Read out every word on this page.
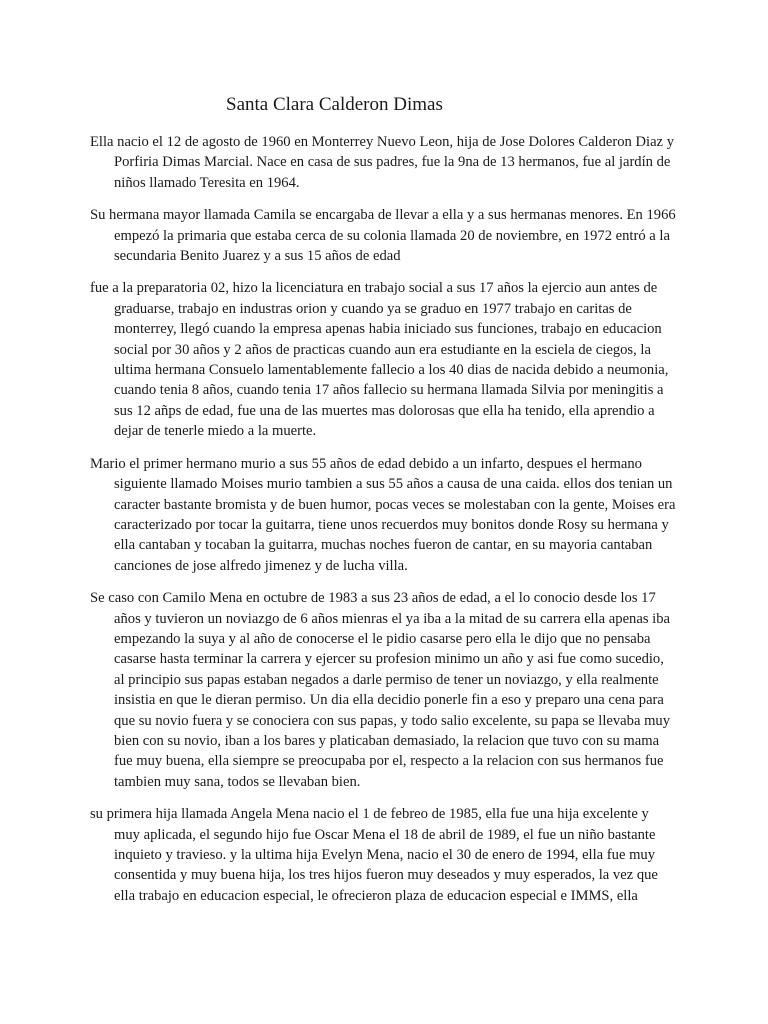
Santa Clara Calderon Dimas

Ella nacio el 12 de agosto de 1960 en Monterrey Nuevo Leon, hija de Jose Dolores Calderon Diaz y Porfiria Dimas Marcial. Nace en casa de sus padres, fue la 9na de 13 hermanos, fue al jardín de niños llamado Teresita en 1964.

Su hermana mayor llamada Camila se encargaba de llevar a ella y a sus hermanas menores. En 1966 empezó la primaria que estaba cerca de su colonia llamada 20 de noviembre, en 1972 entró a la secundaria Benito Juarez y a sus 15 años de edad

fue a la preparatoria 02, hizo la licenciatura en trabajo social a sus 17 años la ejercio aun antes de graduarse, trabajo en industras orion y cuando ya se graduo en 1977 trabajo en caritas de monterrey, llegó cuando la empresa apenas habia iniciado sus funciones, trabajo en educacion social por 30 años y 2 años de practicas cuando aun era estudiante en la esciela de ciegos, la ultima hermana Consuelo lamentablemente fallecio a los 40 dias de nacida debido a neumonia, cuando tenia 8 años, cuando tenia 17 años fallecio su hermana llamada Silvia por meningitis a sus 12 añps de edad, fue una de las muertes mas dolorosas que ella ha tenido, ella aprendio a dejar de tenerle miedo a la muerte.

Mario el primer hermano murio a sus 55 años de edad debido a un infarto, despues el hermano siguiente llamado Moises murio tambien a sus 55 años a causa de una caida. ellos dos tenian un caracter bastante bromista y de buen humor, pocas veces se molestaban con la gente, Moises era caracterizado por tocar la guitarra, tiene unos recuerdos muy bonitos donde Rosy su hermana y ella cantaban y tocaban la guitarra, muchas noches fueron de cantar, en su mayoria cantaban canciones de jose alfredo jimenez y de lucha villa.

Se caso con Camilo Mena en octubre de 1983 a sus 23 años de edad, a el lo conocio desde los 17 años y tuvieron un noviazgo de 6 años mienras el ya iba a la mitad de su carrera ella apenas iba empezando la suya y al año de conocerse el le pidio casarse pero ella le dijo que no pensaba casarse hasta terminar la carrera y ejercer su profesion minimo un año y asi fue como sucedio, al principio sus papas estaban negados a darle permiso de tener un noviazgo, y ella realmente insistia en que le dieran permiso. Un dia ella decidio ponerle fin a eso y preparo una cena para que su novio fuera y se conociera con sus papas, y todo salio excelente, su papa se llevaba muy bien con su novio, iban a los bares y platicaban demasiado, la relacion que tuvo con su mama fue muy buena, ella siempre se preocupaba por el, respecto a la relacion con sus hermanos fue tambien muy sana, todos se llevaban bien.

su primera hija llamada Angela Mena nacio el 1 de febreo de 1985, ella fue una hija excelente y muy aplicada, el segundo hijo fue Oscar Mena el 18 de abril de 1989, el fue un niño bastante inquieto y travieso. y la ultima hija Evelyn Mena, nacio el 30 de enero de 1994, ella fue muy consentida y muy buena hija, los tres hijos fueron muy deseados y muy esperados, la vez que ella trabajo en educacion especial, le ofrecieron plaza de educacion especial e IMMS, ella
